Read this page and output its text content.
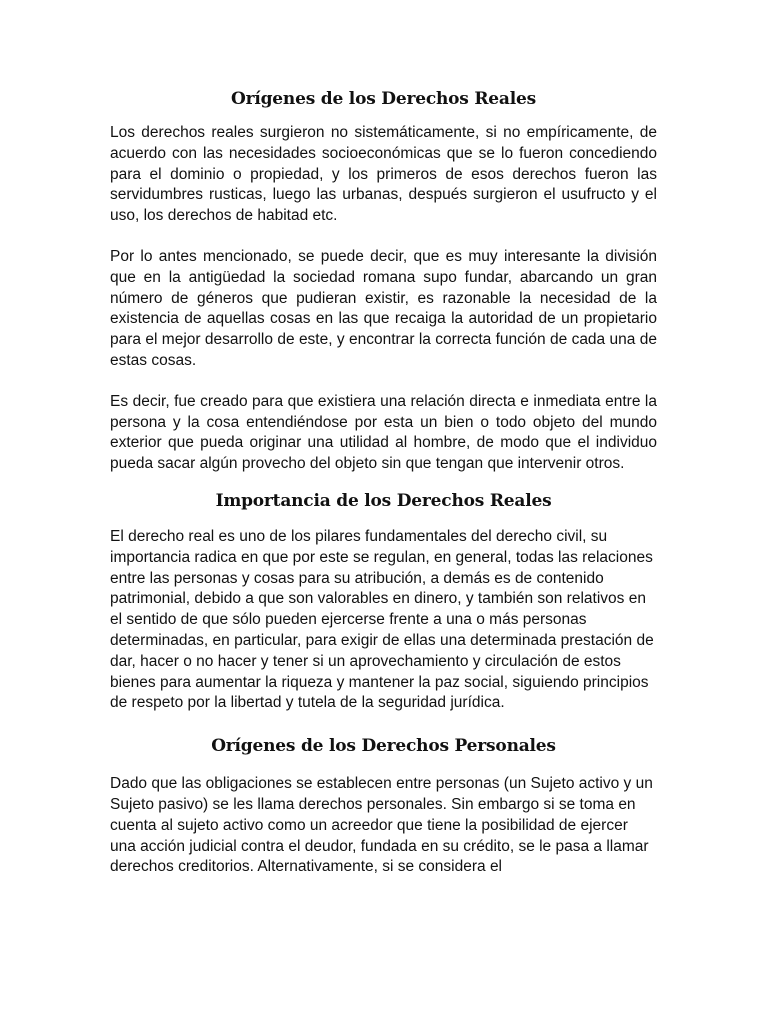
Orígenes de los Derechos Reales

Los derechos reales surgieron no sistemáticamente, si no empíricamente, de acuerdo con las necesidades socioeconómicas que se lo fueron concediendo para el dominio o propiedad, y los primeros de esos derechos fueron las servidumbres rusticas, luego las urbanas, después surgieron el usufructo y el uso, los derechos de habitad etc.

Por lo antes mencionado, se puede decir, que es muy interesante la división que en la antigüedad la sociedad romana supo fundar, abarcando un gran número de géneros que pudieran existir, es razonable la necesidad de la existencia de aquellas cosas en las que recaiga la autoridad de un propietario para el mejor desarrollo de este, y encontrar la correcta función de cada una de estas cosas.

Es decir, fue creado para que existiera una relación directa e inmediata entre la persona y la cosa entendiéndose por esta un bien o todo objeto del mundo exterior que pueda originar una utilidad al hombre, de modo que el individuo pueda sacar algún provecho del objeto sin que tengan que intervenir otros.

Importancia de los Derechos Reales

El derecho real es uno de los pilares fundamentales del derecho civil, su importancia radica en que por este se regulan, en general, todas las relaciones entre las personas y cosas para su atribución, a demás es de contenido patrimonial, debido a que son valorables en dinero, y también son relativos en el sentido de que sólo pueden ejercerse frente a una o más personas determinadas, en particular, para exigir de ellas una determinada prestación de dar, hacer o no hacer y tener si un aprovechamiento y circulación de estos bienes para aumentar la riqueza y mantener la paz social, siguiendo principios de respeto por la libertad y tutela de la seguridad jurídica.

Orígenes de los Derechos Personales

Dado que las obligaciones se establecen entre personas (un Sujeto activo y un Sujeto pasivo) se les llama derechos personales. Sin embargo si se toma en cuenta al sujeto activo como un acreedor que tiene la posibilidad de ejercer una acción judicial contra el deudor, fundada en su crédito, se le pasa a llamar derechos creditorios. Alternativamente, si se considera el
